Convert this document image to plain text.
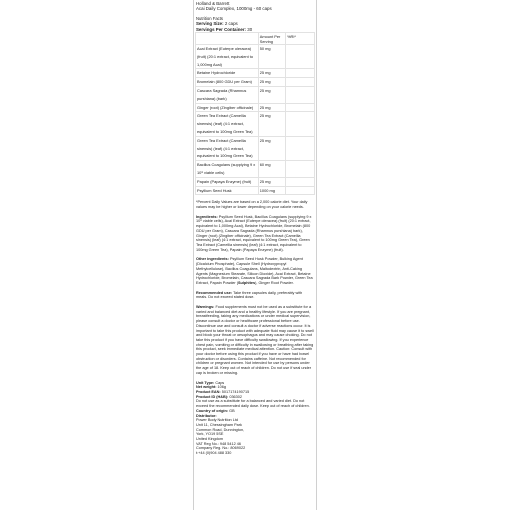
Holland & Barrett
Acai Daily Complex, 1000mg - 60 caps
Nutrition Facts
Serving Size: 2 caps
Servings Per Container: 30
	Amount Per Serving	%RI*
Acai Extract (Euterpe oleracea) (fruit) (20:1 extract, equivalent to 1,000mg Acai)	50 mg	
Betaine Hydrochloride	25 mg	
Bromelain (800 GDU per Gram)	25 mg	
Cascara Sagrada (Rhamnus purshiana) (bark)	25 mg	
Ginger (root) (Zingiber officinale)	25 mg	
Green Tea Extract (Camellia sinensis) (leaf) (4:1 extract, equivalent to 100mg Green Tea)	25 mg	
Green Tea Extract (Camellia sinensis) (leaf) (4:1 extract, equivalent to 100mg Green Tea)	25 mg	
Bacillus Coagulans (supplying 9 x 10⁸ viable cells)	60 mg	
Papain (Papaya Enzyme) (fruit)	25 mg	
Psyllium Seed Husk	1000 mg	
*Percent Daily Values are based on a 2,000 calorie diet. Your daily values may be higher or lower depending on your calorie needs.
Ingredients: Psyllium Seed Husk, Bacillus Coagulans (supplying 9 x 10⁸ viable cells), Acai Extract (Euterpe oleracea) (fruit) (20:1 extract, equivalent to 1,000mg Acai), Betaine Hydrochloride, Bromelain (800 GDU per Gram), Cascara Sagrada (Rhamnus purshiana) bark), Ginger (root) (Zingiber officinale), Green Tea Extract (Camellia sinensis) (leaf) (4:1 extract, equivalent to 100mg Green Tea), Green Tea Extract (Camellia sinensis) (leaf) (4:1 extract, equivalent to 100mg Green Tea), Papain (Papaya Enzyme) (fruit).
Other ingredients: Psyllium Seed Husk Powder, Bulking Agent (Dicalcium Phosphate), Capsule Shell (Hydroxypropyl Methylcellulose), Bacillus Coagulans, Maltodextrin, Anti-Caking Agents (Magnesium Stearate, Silicon Dioxide), Acai Extract, Betaine Hydrochloride, Bromelain, Cascara Sagrada Bark Powder, Green Tea Extract, Papain Powder (Sulphites), Ginger Root Powder.
Recommended use: Take three capsules daily, preferably with meals. Do not exceed stated dose.
Warnings: Food supplements must not be used as a substitute for a varied and balanced diet and a healthy lifestyle. If you are pregnant, breastfeeding, taking any medications or under medical supervision, please consult a doctor or healthcare professional before use. Discontinue use and consult a doctor if adverse reactions occur. It is important to take this product with adequate fluid may cause it to swell and block your throat or oesophagus and may cause choking. Do not take this product if you have difficulty swallowing. If you experience chest pain, vomiting or difficulty in swallowing or breathing after taking this product, seek immediate medical attention. Caution: Consult with your doctor before using this product if you have or have had bowel obstruction or disorders. Contains caffeine. Not recommended for children or pregnant women. Not intended for use by persons under the age of 18. Keep out of reach of children. Do not use if seal under cap is broken or missing.
Unit Type: Caps
Net weight: 106g
Product EAN: 5017174190715
Product ID (H&B): 036302
Do not use as a substitute for a balanced and varied diet. Do not exceed the recommended daily dose. Keep out of reach of children.
Country of origin: GB
Distributor:
Power Body Nutrition Ltd
Unit 11, Chessingham Park
Common Road, Dunnington,
York, YO19 5SE
United Kingdom
VAT Reg No.: 948 5412 46
Company Reg. No.: 8069022
t:+44 (0)904 488 330
